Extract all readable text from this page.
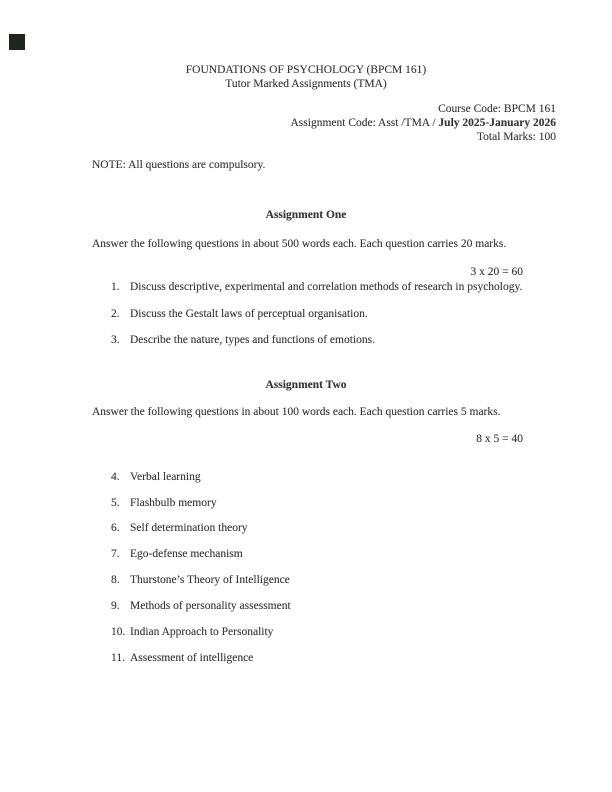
FOUNDATIONS OF PSYCHOLOGY (BPCM 161)
Tutor Marked Assignments (TMA)
Course Code: BPCM 161
Assignment Code: Asst /TMA / July 2025-January 2026
Total Marks: 100
NOTE: All questions are compulsory.
Assignment One
Answer the following questions in about 500 words each. Each question carries 20 marks.
3 x 20 = 60
1. Discuss descriptive, experimental and correlation methods of research in psychology.
2. Discuss the Gestalt laws of perceptual organisation.
3. Describe the nature, types and functions of emotions.
Assignment Two
Answer the following questions in about 100 words each. Each question carries 5 marks.
8 x 5 = 40
4. Verbal learning
5. Flashbulb memory
6. Self determination theory
7. Ego-defense mechanism
8. Thurstone’s Theory of Intelligence
9. Methods of personality assessment
10. Indian Approach to Personality
11. Assessment of intelligence
